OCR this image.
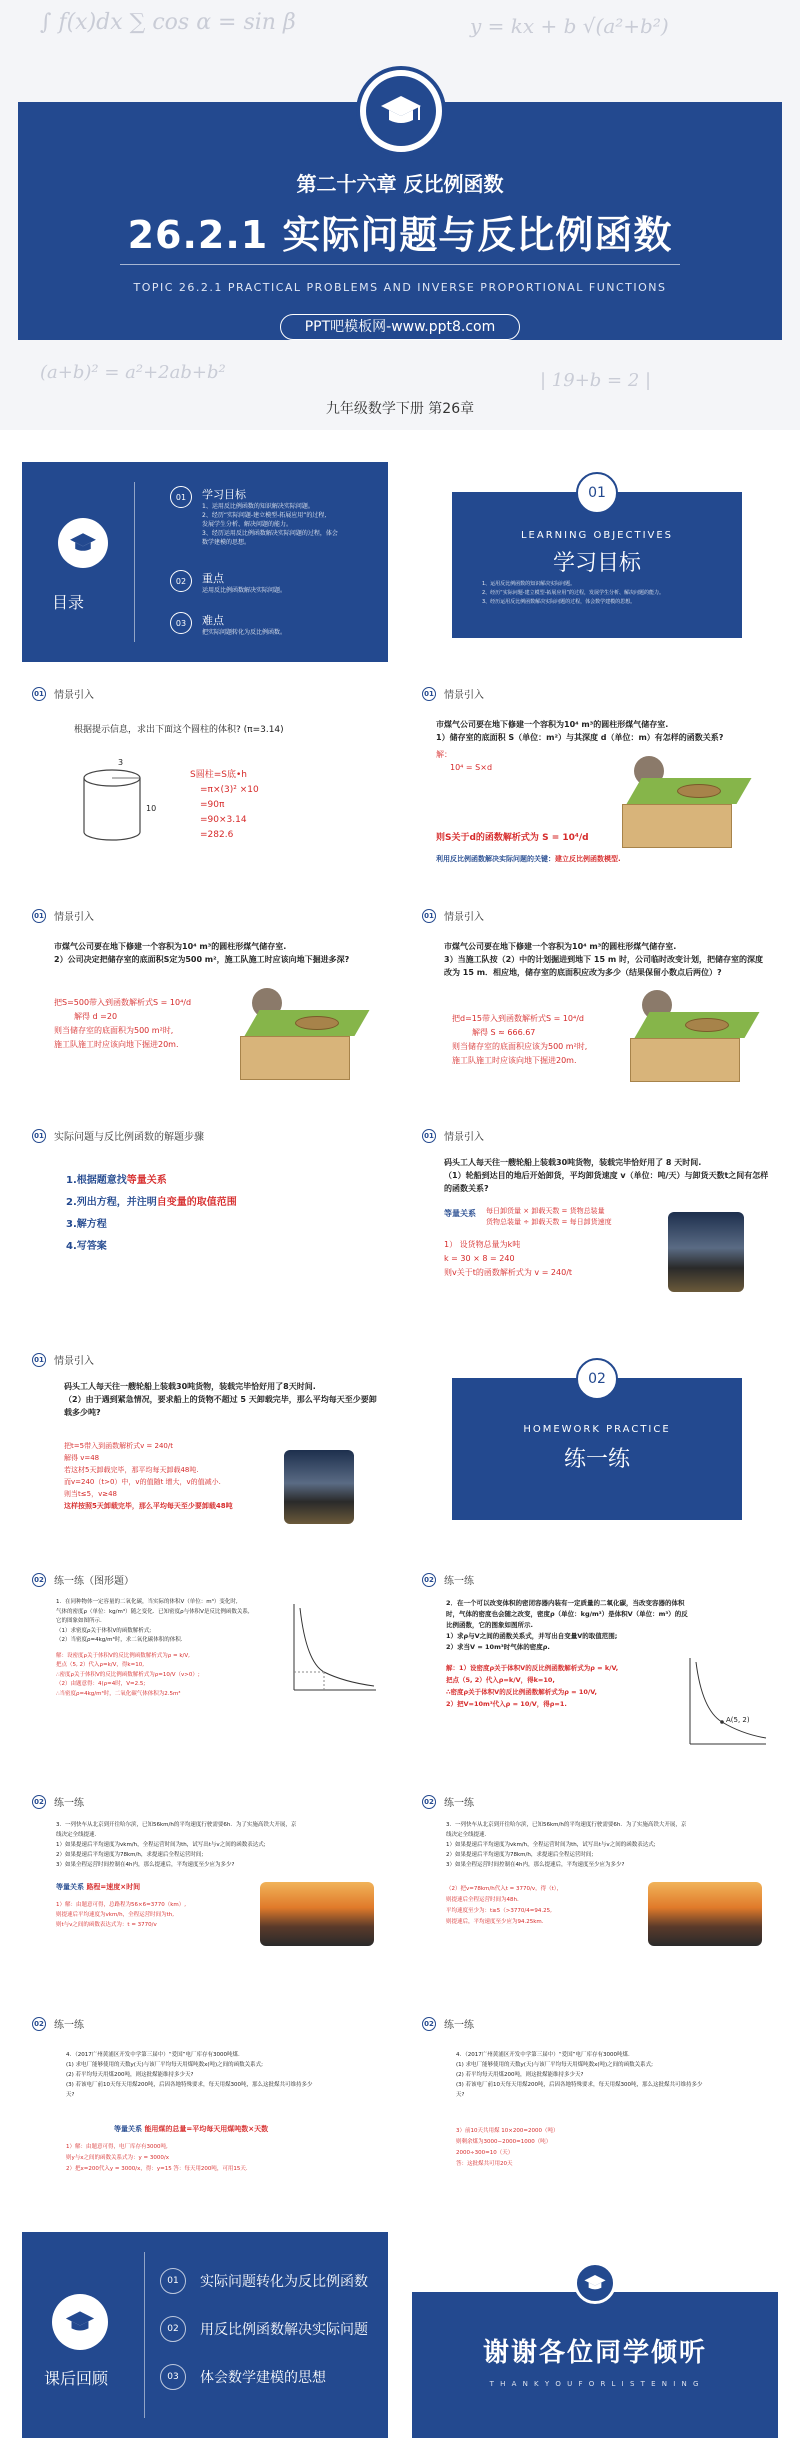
∫ f(x)dx ∑ cos α = sin β	y = kx + b √(a²+b²)
(a+b)² = a²+2ab+b²	| 19+b = 2 |
第二十六章 反比例函数
26.2.1 实际问题与反比例函数
TOPIC 26.2.1 PRACTICAL PROBLEMS AND INVERSE PROPORTIONAL FUNCTIONS
PPT吧模板网-www.ppt8.com
九年级数学下册 第26章
目录
01	学习目标
1、运用反比例函数的知识解决实际问题。
2、经历“实际问题-建立模型-拓展应用”的过程,
发展学生分析、解决问题的能力。
3、经历运用反比例函数解决实际问题的过程，体会
数学建模的思想。
02	重点
运用反比例函数解决实际问题。
03	难点
把实际问题转化为反比例函数。
LEARNING OBJECTIVES
学习目标
1、运用反比例函数的知识解决实际问题。
2、经历“实际问题-建立模型-拓展应用”的过程，发展学生分析、解决问题的能力。
3、经历运用反比例函数解决实际问题的过程，体会数学建模的思想。
01
01 情景引入
根据提示信息，求出下面这个圆柱的体积? (π=3.14)
3
10
S圆柱=S底•h
=π×(3)² ×10
=90π
=90×3.14
=282.6
01 情景引入
市煤气公司要在地下修建一个容积为10⁴ m³的圆柱形煤气储存室.
1）储存室的底面积 S（单位：m²）与其深度 d（单位：m）有怎样的函数关系?
解：
10⁴ = S×d
则S关于d的函数解析式为 S = 10⁴/d
利用反比例函数解决实际问题的关键：建立反比例函数模型.
01 情景引入
市煤气公司要在地下修建一个容积为10⁴ m³的圆柱形煤气储存室.
2）公司决定把储存室的底面积S定为500 m²，施工队施工时应该向地下掘进多深?
把S=500带入到函数解析式S = 10⁴/d
解得 d =20
则当储存室的底面积为500 m²时,
施工队施工时应该向地下掘进20m.
01 情景引入
市煤气公司要在地下修建一个容积为10⁴ m³的圆柱形煤气储存室.
3）当施工队按（2）中的计划掘进到地下 15 m 时，公司临时改变计划，把储存室的深度改为 15 m．相应地，储存室的底面积应改为多少（结果保留小数点后两位）?
把d=15带入到函数解析式S = 10⁴/d
解得 S ≈ 666.67
则当储存室的底面积应该为500 m²时,
施工队施工时应该向地下掘进20m.
01 实际问题与反比例函数的解题步骤
1.根据题意找等量关系
2.列出方程，并注明自变量的取值范围
3.解方程
4.写答案
01 情景引入
码头工人每天往一艘轮船上装载30吨货物，装载完毕恰好用了 8 天时间.
（1）轮船到达目的地后开始卸货，平均卸货速度 v（单位：吨/天）与卸货天数t之间有怎样的函数关系?
等量关系 每日卸货量 × 卸载天数 = 货物总装量
货物总装量 ÷ 卸载天数 = 每日卸货速度
1） 设货物总量为k吨
k = 30 × 8 = 240
则v关于t的函数解析式为 v = 240/t
01 情景引入
码头工人每天往一艘轮船上装载30吨货物，装载完毕恰好用了8天时间.
（2）由于遇到紧急情况，要求船上的货物不超过 5 天卸载完毕，那么平均每天至少要卸载多少吨?
把t=5带入到函数解析式v = 240/t
解得 v=48
若这材5天卸载完毕，那平均每天卸载48吨.
而v=240（t>0）中，v的值随t 增大，v的值减小.
则当t≤5，v≥48
这样按照5天卸载完毕，那么平均每天至少要卸载48吨
HOMEWORK PRACTICE
练一练
02
02 练一练（图形题）
1．在同种物体一定容量的二氧化碳，当实际的体积V（单位：m³）变化时,
气体的密度ρ（单位：kg/m³）随之变化．已知密度ρ与体积V是反比例函数关系,
它的图象如图所示.
（1）求密度ρ关于体积V的函数解析式;
（2）当密度ρ=4kg/m³时，求二氧化碳体积的体积.
解：设密度ρ关于体积V的反比例函数解析式为ρ = k/V,
把点（5, 2）代入ρ=k/V，得k=10,
∴密度ρ关于体积V的反比例函数解析式为ρ=10/V（v>0）;
（2）由题意得：4(ρ=4时，V=2.5;
∴当密度ρ=4kg/m³时，二氧化碳气体体积为2.5m³
02 练一练
2．在一个可以改变体积的密闭容器内装有一定质量的二氧化碳，当改变容器的体积
时，气体的密度也会随之改变，密度ρ（单位：kg/m³）是体积V（单位：m³）的反
比例函数，它的图象如图所示.
1）求ρ与V之间的函数关系式，并写出自变量V的取值范围;
2）求当V = 10m³时气体的密度ρ.
解：1）设密度ρ关于体积V的反比例函数解析式为ρ = k/V,
把点（5, 2）代入ρ=k/V，得k=10,
∴密度ρ关于体积V的反比例函数解析式为ρ = 10/V,
2）把V=10m³代入ρ = 10/V，得ρ=1.
A(5, 2)
02 练一练
3．一列快车从北京到开往哈尔滨，已知56km/h的平均速度行驶需要6h．为了实施高铁大开展，京
线决定全线提速.
1）如果提速后平均速度为vkm/h，全程运营时间为th，试写出t与v之间的函数表达式;
2）如果提速后平均速度为78km/h，求提速后全程运营时间;
3）如果全程运营时间控制在4h内，那么提速后，平均速度至少应为多少?
等量关系 路程=速度×时间
1）解：由题意可得，总路程为56×6=3770（km）,
则提速后平均速度为vkm/h，全程运营时间为th,
则t与v之间的函数表达式为：t = 3770/v
02 练一练
3．一列快车从北京到开往哈尔滨，已知56km/h的平均速度行驶需要6h．为了实施高铁大开展，京
线决定全线提速.
1）如果提速后平均速度为vkm/h，全程运营时间为th，试写出t与v之间的函数表达式;
2）如果提速后平均速度为78km/h，求提速后全程运营时间;
3）如果全程运营时间控制在4h内，那么提速后，平均速度至少应为多少?
（2）把v=78km/h代入t = 3770/v，得（t），
则提速后全程运营时间为48h.
平均速度至少为：t≥5（>3770/4=94.25,
则提速后，平均速度至少应为94.25km.
02 练一练
4．（2017广州黄浦区开发中学第三届中）“爱国”电厂库存有3000吨煤.
(1) 求电厂能够使用的天数y(天)与该厂平均每天用煤吨数x(吨)之间的函数关系式;
(2) 若平均每天用煤200吨，则这批煤能维持多少天?
(3) 若该电厂前10天每天用煤200吨，后因各地特殊要求，每天用煤300吨，那么这批煤共可维持多少
天?
等量关系 能用煤的总量=平均每天用煤吨数×天数
1）解：由题意可得，电厂库存有3000吨,
则y与x之间的函数关系式为：y = 3000/x
2）把x=200代入y = 3000/x，得：y=15 答：每天用200吨，可用15天.
02 练一练
4．（2017广州黄浦区开发中学第三届中）“爱国”电厂库存有3000吨煤.
(1) 求电厂能够使用的天数y(天)与该厂平均每天用煤吨数x(吨)之间的函数关系式;
(2) 若平均每天用煤200吨，则这批煤能维持多少天?
(3) 若该电厂前10天每天用煤200吨，后因各地特殊要求，每天用煤300吨，那么这批煤共可维持多少
天?
3）前10天共用煤 10×200=2000（吨）
则剩余煤为3000−2000=1000（吨）
2000÷300=10（天）
答：这批煤共可用20天
课后回顾
01	实际问题转化为反比例函数
02	用反比例函数解决实际问题
03	体会数学建模的思想
谢谢各位同学倾听
T H A N K Y O U F O R L I S T E N I N G
